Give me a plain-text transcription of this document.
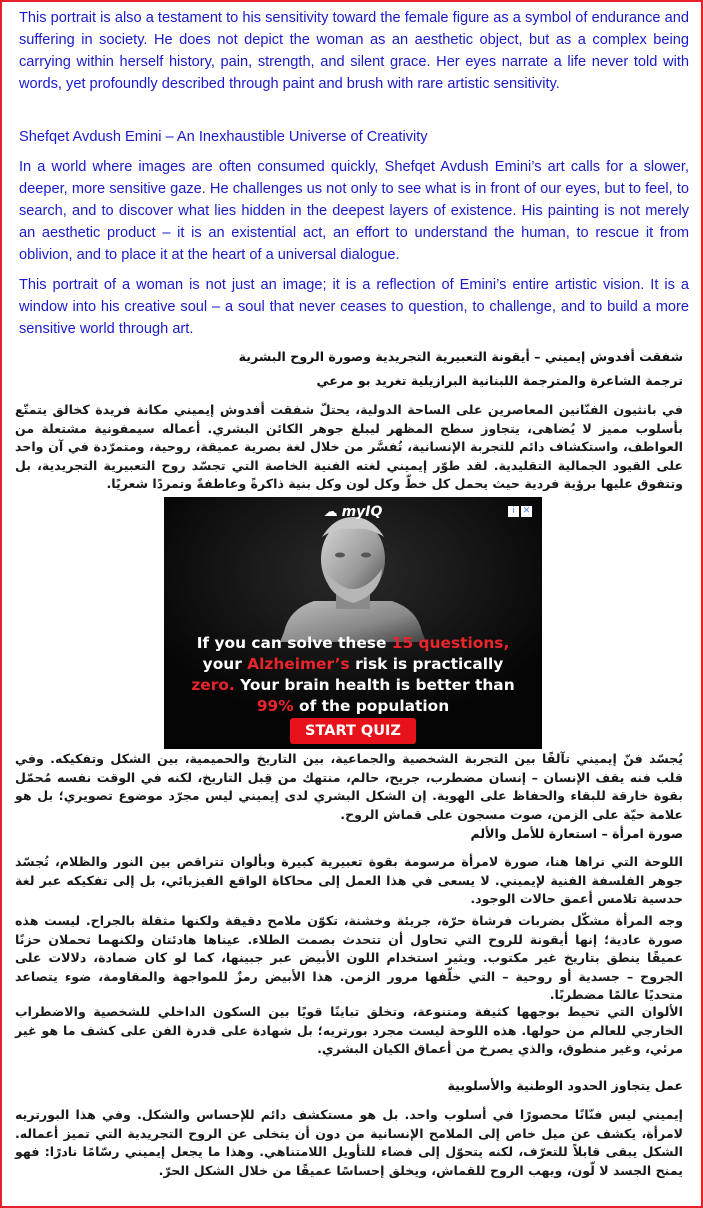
This portrait is also a testament to his sensitivity toward the female figure as a symbol of endurance and suffering in society. He does not depict the woman as an aesthetic object, but as a complex being carrying within herself history, pain, strength, and silent grace. Her eyes narrate a life never told with words, yet profoundly described through paint and brush with rare artistic sensitivity.

Shefqet Avdush Emini – An Inexhaustible Universe of Creativity

In a world where images are often consumed quickly, Shefqet Avdush Emini’s art calls for a slower, deeper, more sensitive gaze. He challenges us not only to see what is in front of our eyes, but to feel, to search, and to discover what lies hidden in the deepest layers of existence. His painting is not merely an aesthetic product – it is an existential act, an effort to understand the human, to rescue it from oblivion, and to place it at the heart of a universal dialogue.

This portrait of a woman is not just an image; it is a reflection of Emini’s entire artistic vision. It is a window into his creative soul – a soul that never ceases to question, to challenge, and to build a more sensitive world through art.

شفقت أفدوش إيميني – أيقونة التعبيرية التجريدية وصورة الروح البشرية

ترجمة الشاعرة والمترجمة اللبنانية البرازيلية تغريد بو مرعي

في بانثيون الفنّانين المعاصرين على الساحة الدولية، يحتلّ شفقت أفدوش إيميني مكانة فريدة كخالق يتمتّع بأسلوب مميز لا يُضاهى، يتجاوز سطح المظهر ليبلغ جوهر الكائن البشري. أعماله سيمفونية مشتعلة من العواطف، واستكشاف دائم للتجربة الإنسانية، تُفسَّر من خلال لغة بصرية عميقة، روحية، ومتمرّدة في آن واحد على القيود الجمالية التقليدية. لقد طوّر إيميني لغته الفنية الخاصة التي تجسّد روح التعبيرية التجريدية، بل وتتفوق عليها برؤية فردية حيث يحمل كل خطّ وكل لون وكل بنية ذاكرةً وعاطفةً وتمردًا شعريًا.

☁ myIQ	i ✕
If you can solve these 15 questions,
your Alzheimer’s risk is practically
zero. Your brain health is better than
99% of the population
START QUIZ

يُجسّد فنّ إيميني تآلفًا بين التجربة الشخصية والجماعية، بين التاريخ والحميمية، بين الشكل وتفكيكه. وفي قلب فنه يقف الإنسان – إنسان مضطرب، جريح، حالم، منتهك من قِبل التاريخ، لكنه في الوقت نفسه مُحمّل بقوة خارقة للبقاء والحفاظ على الهوية. إن الشكل البشري لدى إيميني ليس مجرّد موضوع تصويري؛ بل هو علامة حيّة على الزمن، صوت مسجون على قماش الروح.

صورة امرأة – استعارة للأمل والألم

اللوحة التي نراها هنا، صورة لامرأة مرسومة بقوة تعبيرية كبيرة وبألوان تتراقص بين النور والظلام، تُجسّد جوهر الفلسفة الفنية لإيميني. لا يسعى في هذا العمل إلى محاكاة الواقع الفيزيائي، بل إلى تفكيكه عبر لغة حدسية تلامس أعمق حالات الوجود.

وجه المرأة مشكّل بضربات فرشاة حرّة، جريئة وخشنة، تكوّن ملامح دقيقة ولكنها مثقلة بالجراح. ليست هذه صورة عادية؛ إنها أيقونة للروح التي تحاول أن تتحدث بصمت الطلاء. عيناها هادئتان ولكنهما تحملان حزنًا عميقًا ينطق بتاريخ غير مكتوب. ويثير استخدام اللون الأبيض عبر جبينها، كما لو كان ضمادة، دلالات على الجروح – جسدية أو روحية – التي خلّفها مرور الزمن. هذا الأبيض رمزٌ للمواجهة والمقاومة، ضوء يتصاعد متحديًا عالمًا مضطربًا.

الألوان التي تحيط بوجهها كثيفة ومتنوعة، وتخلق تباينًا قويًا بين السكون الداخلي للشخصية والاضطراب الخارجي للعالم من حولها. هذه اللوحة ليست مجرد بورتريه؛ بل شهادة على قدرة الفن على كشف ما هو غير مرئي، وغير منطوق، والذي يصرخ من أعماق الكيان البشري.

عمل يتجاوز الحدود الوطنية والأسلوبية

إيميني ليس فنّانًا محصورًا في أسلوب واحد. بل هو مستكشف دائم للإحساس والشكل. وفي هذا البورتريه لامرأة، يكشف عن ميل خاص إلى الملامح الإنسانية من دون أن يتخلى عن الروح التجريدية التي تميز أعماله. الشكل يبقى قابلاً للتعرّف، لكنه يتحوّل إلى فضاء للتأويل اللامتناهي. وهذا ما يجعل إيميني رسّامًا نادرًا: فهو يمنح الجسد لا لّون، ويهب الروح للقماش، ويخلق إحساسًا عميقًا من خلال الشكل الحرّ.
